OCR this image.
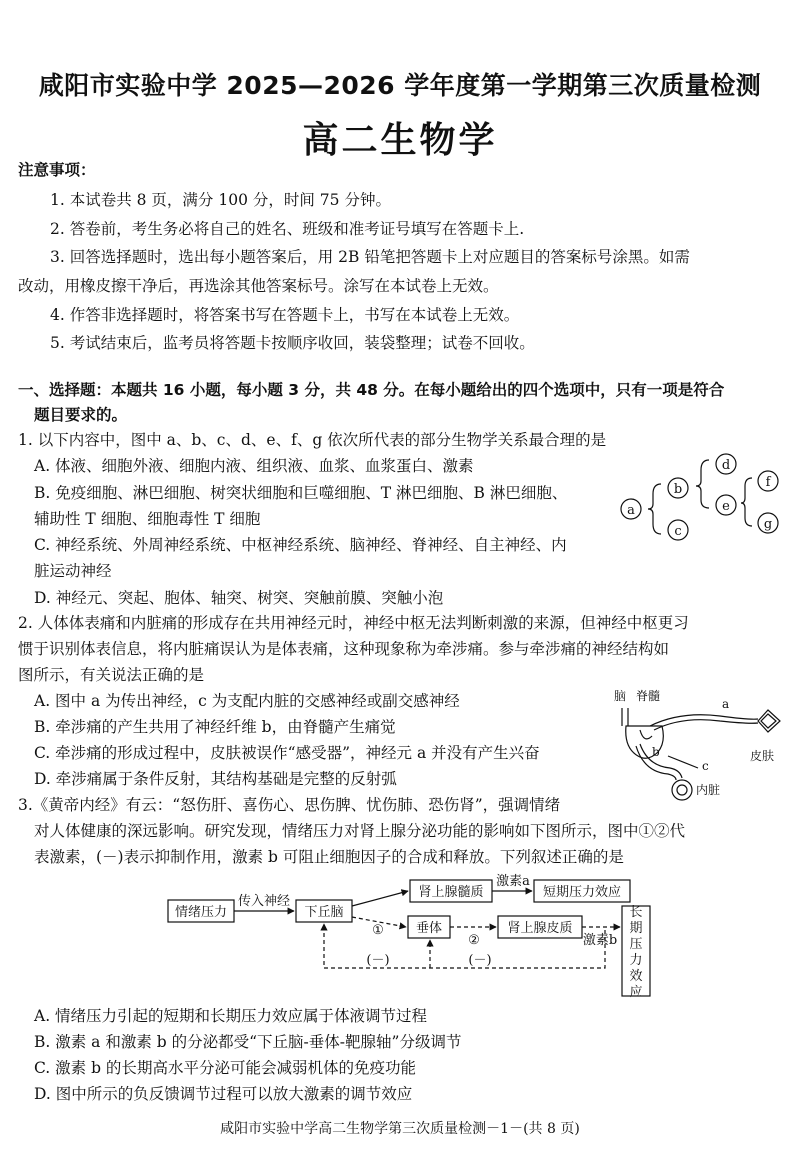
咸阳市实验中学 2025—2026 学年度第一学期第三次质量检测
高二生物学
注意事项：
1. 本试卷共 8 页，满分 100 分，时间 75 分钟。
2. 答卷前，考生务必将自己的姓名、班级和准考证号填写在答题卡上.
3. 回答选择题时，选出每小题答案后，用 2B 铅笔把答题卡上对应题目的答案标号涂黑。如需
改动，用橡皮擦干净后，再选涂其他答案标号。涂写在本试卷上无效。
4. 作答非选择题时，将答案书写在答题卡上，书写在本试卷上无效。
5. 考试结束后，监考员将答题卡按顺序收回，装袋整理；试卷不回收。
一、选择题：本题共 16 小题，每小题 3 分，共 48 分。在每小题给出的四个选项中，只有一项是符合
题目要求的。
1. 以下内容中，图中 a、b、c、d、e、f、g 依次所代表的部分生物学关系最合理的是
A. 体液、细胞外液、细胞内液、组织液、血浆、血浆蛋白、激素
B. 免疫细胞、淋巴细胞、树突状细胞和巨噬细胞、T 淋巴细胞、B 淋巴细胞、
辅助性 T 细胞、细胞毒性 T 细胞
C. 神经系统、外周神经系统、中枢神经系统、脑神经、脊神经、自主神经、内
脏运动神经
D. 神经元、突起、胞体、轴突、树突、突触前膜、突触小泡
a
b
c
d
e
f
g
2. 人体体表痛和内脏痛的形成存在共用神经元时，神经中枢无法判断刺激的来源，但神经中枢更习
惯于识别体表信息，将内脏痛误认为是体表痛，这种现象称为牵涉痛。参与牵涉痛的神经结构如
图所示，有关说法正确的是
A. 图中 a 为传出神经，c 为支配内脏的交感神经或副交感神经
B. 牵涉痛的产生共用了神经纤维 b，由脊髓产生痛觉
C. 牵涉痛的形成过程中，皮肤被误作“感受器”，神经元 a 并没有产生兴奋
D. 牵涉痛属于条件反射，其结构基础是完整的反射弧
脑 脊髓
a
b
c
皮肤
内脏
3.《黄帝内经》有云：“怒伤肝、喜伤心、思伤脾、忧伤肺、恐伤肾”，强调情绪
对人体健康的深远影响。研究发现，情绪压力对肾上腺分泌功能的影响如下图所示，图中①②代
表激素，(－)表示抑制作用，激素 b 可阻止细胞因子的合成和释放。下列叙述正确的是
情绪压力
传入神经
下丘脑
肾上腺髓质
激素a
短期压力效应
垂体	肾上腺皮质
激素b
①
②
(－)	(－)
长期压力效应
A. 情绪压力引起的短期和长期压力效应属于体液调节过程
B. 激素 a 和激素 b 的分泌都受“下丘脑-垂体-靶腺轴”分级调节
C. 激素 b 的长期高水平分泌可能会减弱机体的免疫功能
D. 图中所示的负反馈调节过程可以放大激素的调节效应
咸阳市实验中学高二生物学第三次质量检测－1－(共 8 页)
